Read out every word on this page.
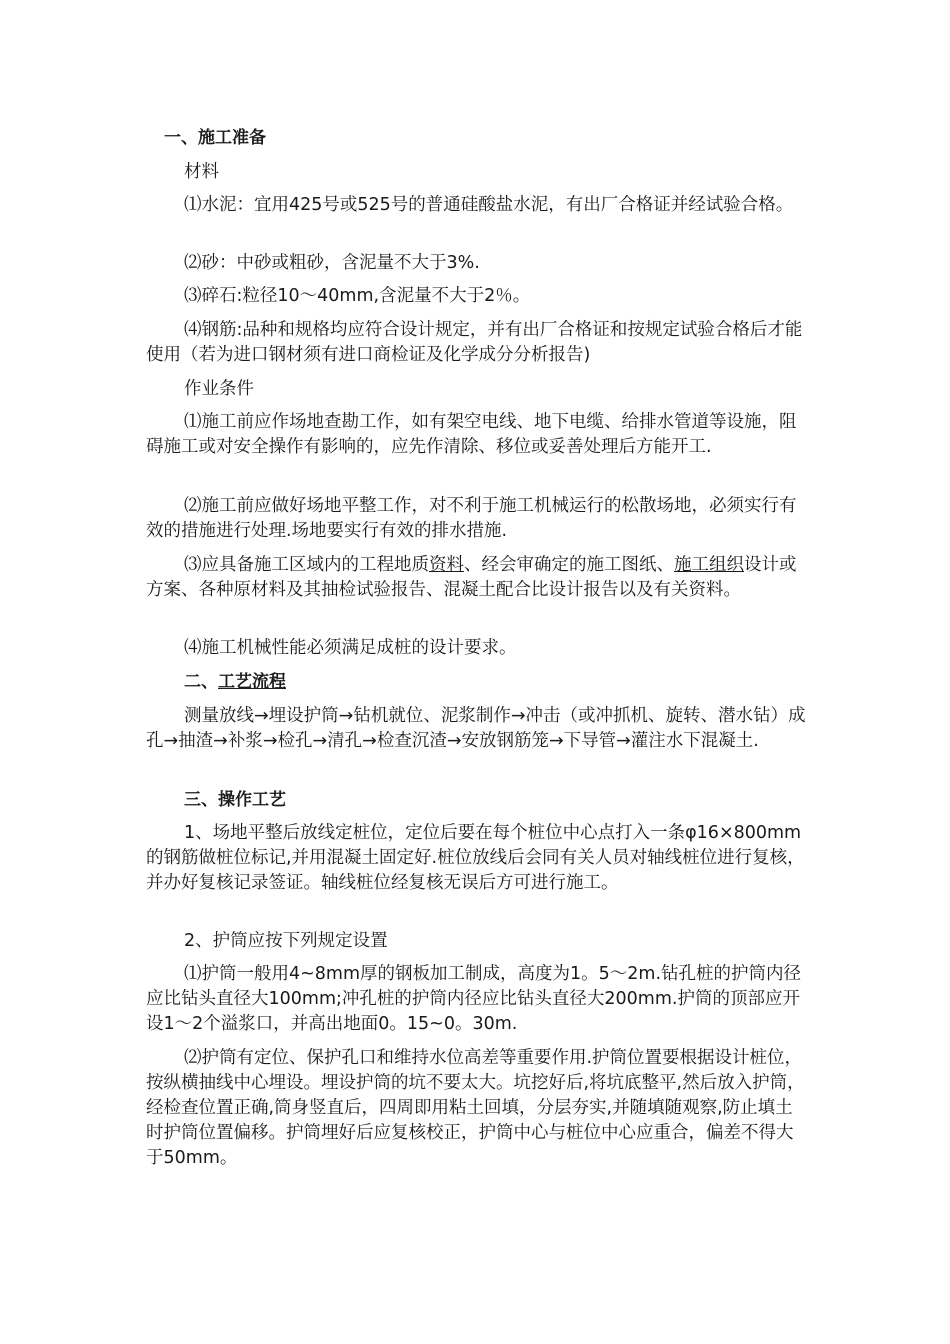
一、施工准备

材料

⑴水泥：宜用425号或525号的普通硅酸盐水泥，有出厂合格证并经试验合格。

⑵砂：中砂或粗砂，含泥量不大于3%.

⑶碎石:粒径10～40mm,含泥量不大于2％。

⑷钢筋:品种和规格均应符合设计规定，并有出厂合格证和按规定试验合格后才能使用（若为进口钢材须有进口商检证及化学成分分析报告)

作业条件

⑴施工前应作场地查勘工作，如有架空电线、地下电缆、给排水管道等设施，阻碍施工或对安全操作有影响的，应先作清除、移位或妥善处理后方能开工.

⑵施工前应做好场地平整工作，对不利于施工机械运行的松散场地，必须实行有效的措施进行处理.场地要实行有效的排水措施.

⑶应具备施工区域内的工程地质资料、经会审确定的施工图纸、施工组织设计或方案、各种原材料及其抽检试验报告、混凝土配合比设计报告以及有关资料。

⑷施工机械性能必须满足成桩的设计要求。

二、工艺流程

测量放线→埋设护筒→钻机就位、泥浆制作→冲击（或冲抓机、旋转、潜水钻）成孔→抽渣→补浆→检孔→清孔→检查沉渣→安放钢筋笼→下导管→灌注水下混凝土.

三、操作工艺

1、场地平整后放线定桩位，定位后要在每个桩位中心点打入一条φ16×800mm的钢筋做桩位标记,并用混凝土固定好.桩位放线后会同有关人员对轴线桩位进行复核，并办好复核记录签证。轴线桩位经复核无误后方可进行施工。

2、护筒应按下列规定设置

⑴护筒一般用4~8mm厚的钢板加工制成，高度为1。5～2m.钻孔桩的护筒内径应比钻头直径大100mm;冲孔桩的护筒内径应比钻头直径大200mm.护筒的顶部应开设1～2个溢浆口，并高出地面0。15~0。30m.

⑵护筒有定位、保护孔口和维持水位高差等重要作用.护筒位置要根据设计桩位，按纵横抽线中心埋设。埋设护筒的坑不要太大。坑挖好后,将坑底整平,然后放入护筒，经检查位置正确,筒身竖直后，四周即用粘土回填，分层夯实,并随填随观察,防止填土时护筒位置偏移。护筒埋好后应复核校正，护筒中心与桩位中心应重合，偏差不得大于50mm。
